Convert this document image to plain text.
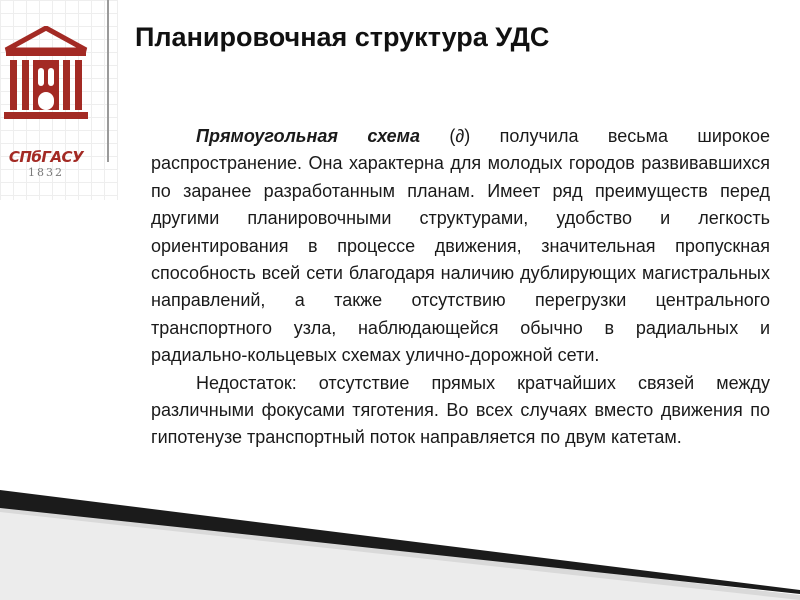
СПбГАСУ
1832
Планировочная структура УДС

Прямоугольная схема (∂) получила весьма широкое распространение. Она характерна для молодых городов развивавшихся по заранее разработанным планам. Имеет ряд преимуществ перед другими планировочными структурами, удобство и легкость ориентирования в процессе движения, значительная пропускная способность всей сети благодаря наличию дублирующих магистральных направлений, а также отсутствию перегрузки центрального транспортного узла, наблюдающейся обычно в радиальных и радиально-кольцевых схемах улично-дорожной сети.

Недостаток: отсутствие прямых кратчайших связей между различными фокусами тяготения. Во всех случаях вместо движения по гипотенузе транспортный поток направляется по двум катетам.
